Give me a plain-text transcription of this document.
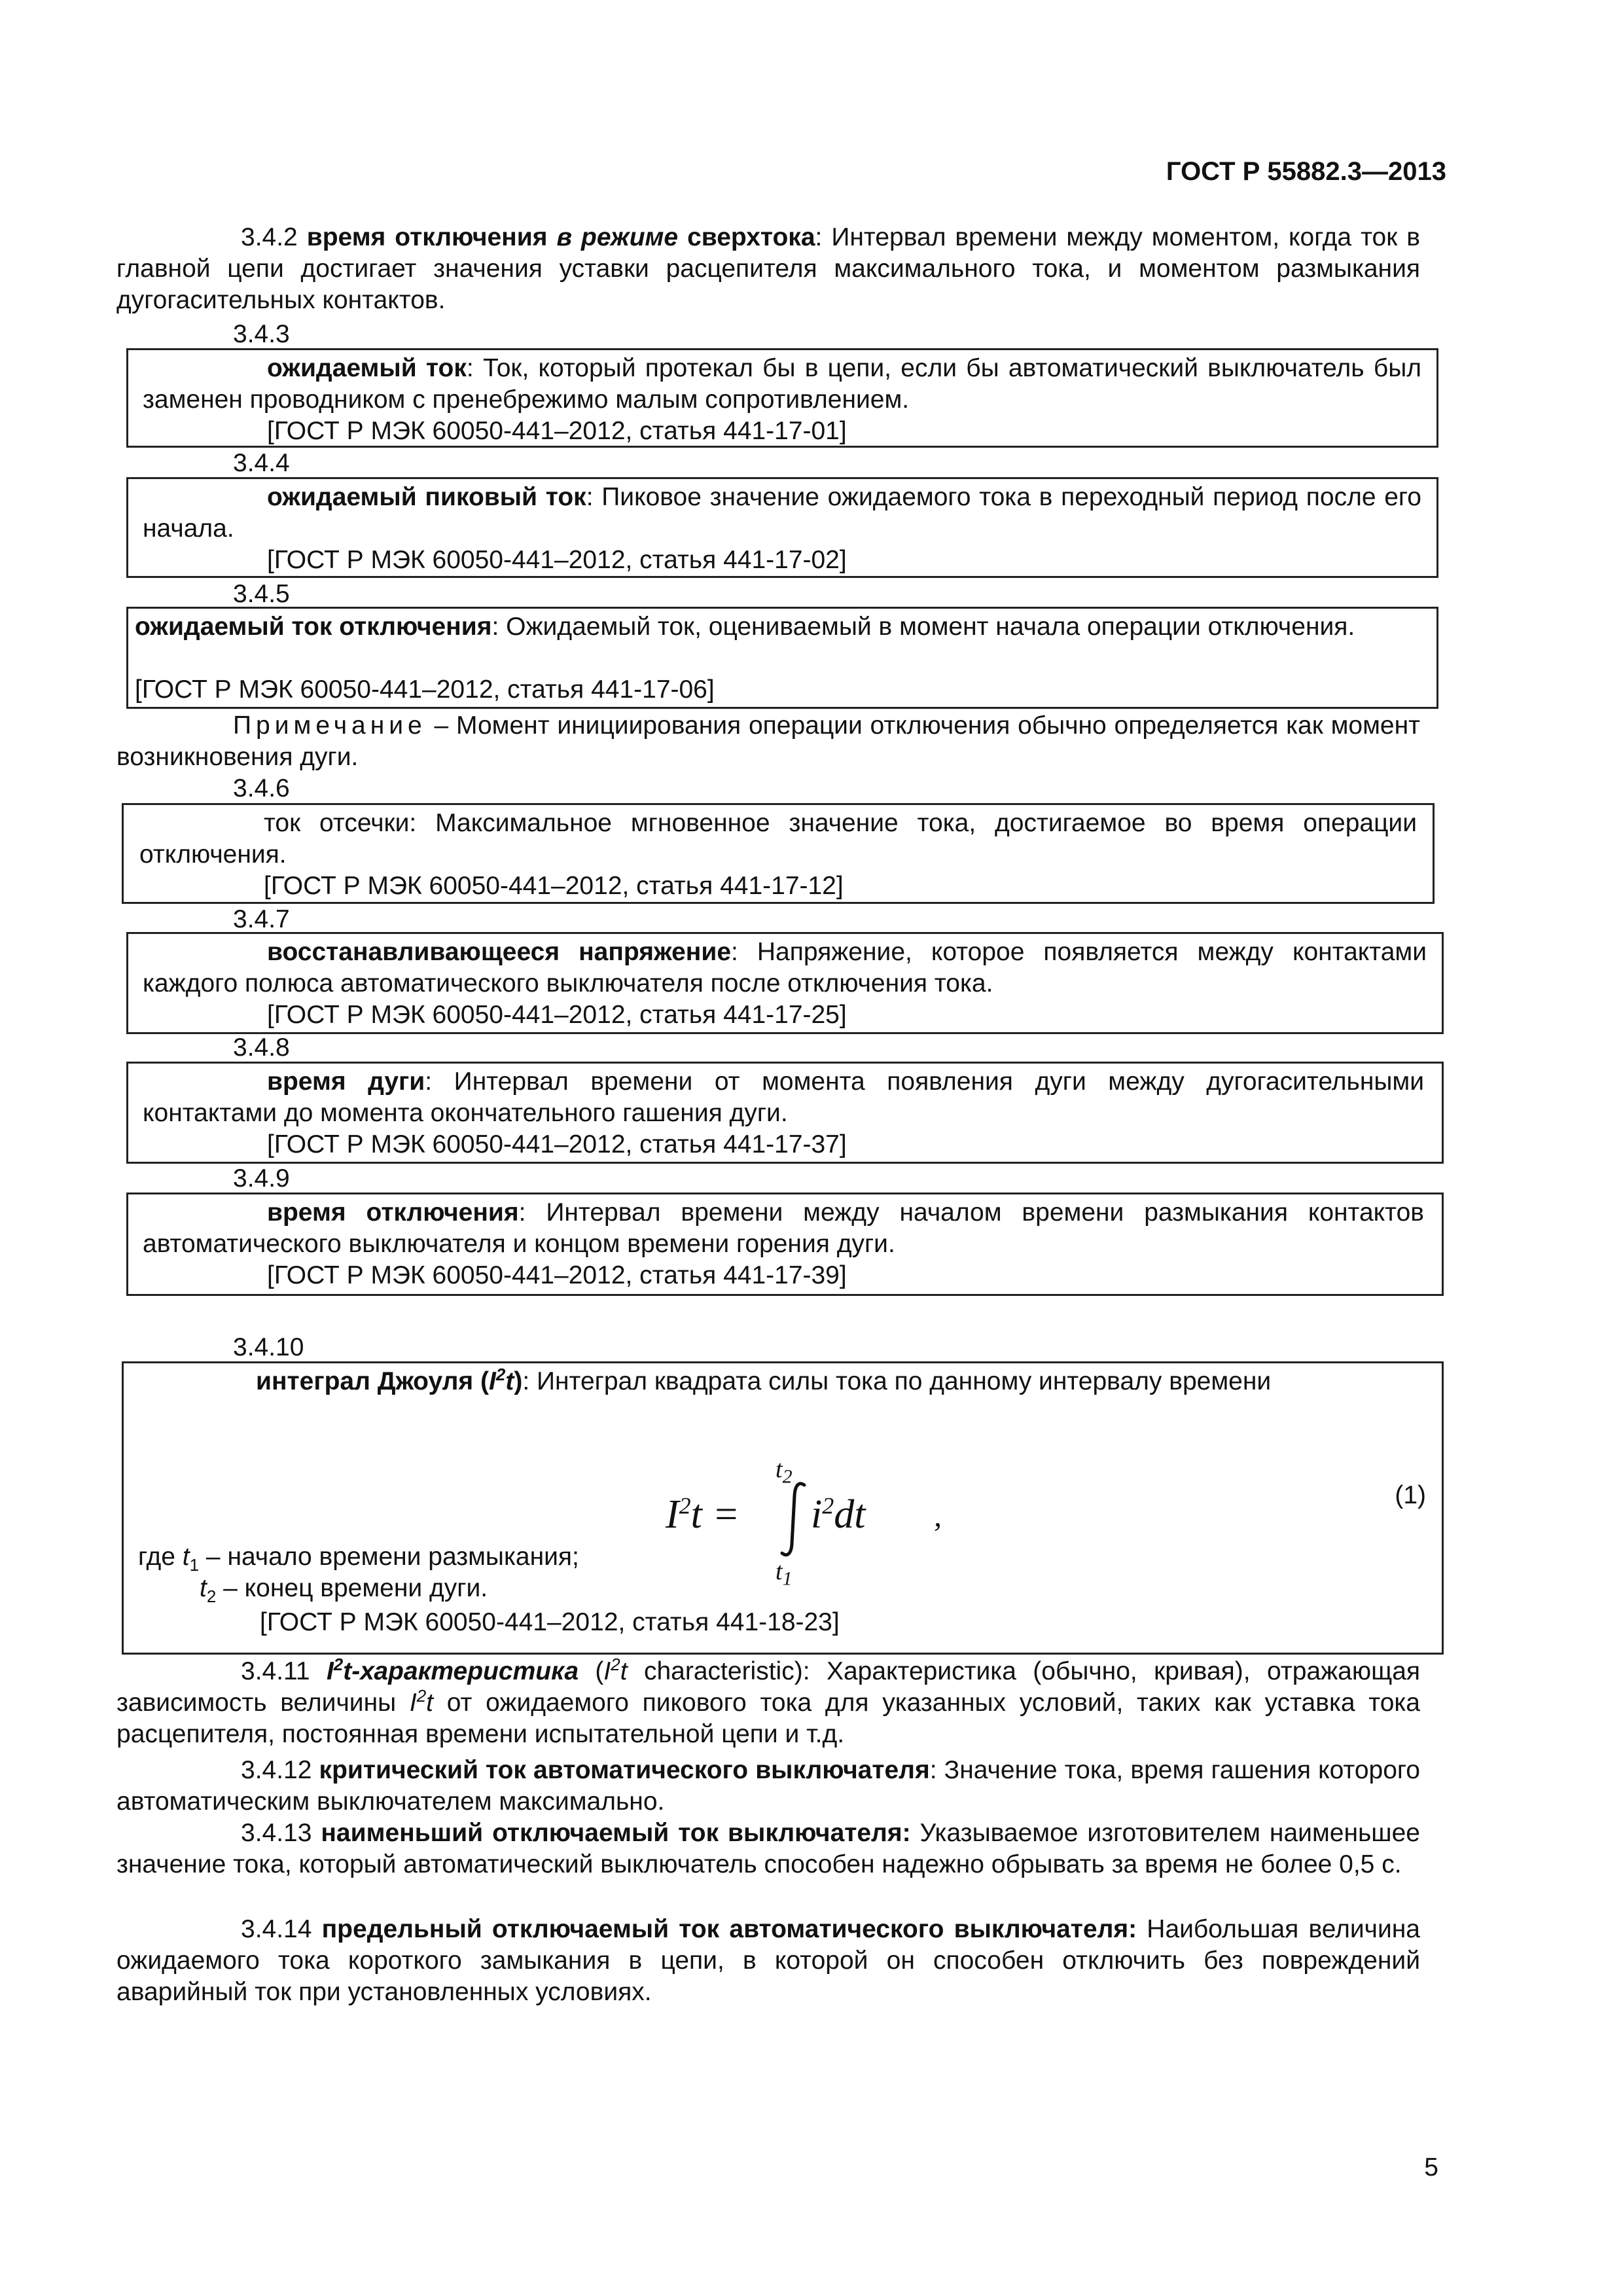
ГОСТ Р 55882.3—2013
3.4.2 время отключения в режиме сверхтока: Интервал времени между моментом, когда ток в главной цепи достигает значения уставки расцепителя максимального тока, и моментом размыкания дугогасительных контактов.
3.4.3
ожидаемый ток: Ток, который протекал бы в цепи, если бы автоматический выключатель был заменен проводником с пренебрежимо малым сопротивлением.
[ГОСТ Р МЭК 60050-441–2012, статья 441-17-01]
3.4.4
ожидаемый пиковый ток: Пиковое значение ожидаемого тока в переходный период после его начала.
[ГОСТ Р МЭК 60050-441–2012, статья 441-17-02]
3.4.5
ожидаемый ток отключения: Ожидаемый ток, оцениваемый в момент начала операции отключения.
[ГОСТ Р МЭК 60050-441–2012, статья 441-17-06]
Примечание – Момент инициирования операции отключения обычно определяется как момент возникновения дуги.
3.4.6
ток отсечки: Максимальное мгновенное значение тока, достигаемое во время операции отключения.
[ГОСТ Р МЭК 60050-441–2012, статья 441-17-12]
3.4.7
восстанавливающееся напряжение: Напряжение, которое появляется между контактами каждого полюса автоматического выключателя после отключения тока.
[ГОСТ Р МЭК 60050-441–2012, статья 441-17-25]
3.4.8
время дуги: Интервал времени от момента появления дуги между дугогасительными контактами до момента окончательного гашения дуги.
[ГОСТ Р МЭК 60050-441–2012, статья 441-17-37]
3.4.9
время отключения: Интервал времени между началом времени размыкания контактов автоматического выключателя и концом времени горения дуги.
[ГОСТ Р МЭК 60050-441–2012, статья 441-17-39]
3.4.10
интеграл Джоуля $(I^2t)$: Интеграл квадрата силы тока по данному интервалу времени
$I^2t$ =
$t_2$
$t_1$
$i^2dt$ ,
(1)
где $t_1$ – начало времени размыкания;
$t_2$ – конец времени дуги.
[ГОСТ Р МЭК 60050-441–2012, статья 441-18-23]
3.4.11 $I^2t$-характеристика ($I^2t$ characteristic): Характеристика (обычно, кривая), отражающая зависимость величины $I^2t$ от ожидаемого пикового тока для указанных условий, таких как уставка тока расцепителя, постоянная времени испытательной цепи и т.д.
3.4.12 критический ток автоматического выключателя: Значение тока, время гашения которого автоматическим выключателем максимально.
3.4.13 наименьший отключаемый ток выключателя: Указываемое изготовителем наименьшее значение тока, который автоматический выключатель способен надежно обрывать за время не более 0,5 с.
3.4.14 предельный отключаемый ток автоматического выключателя: Наибольшая величина ожидаемого тока короткого замыкания в цепи, в которой он способен отключить без повреждений аварийный ток при установленных условиях.
5
